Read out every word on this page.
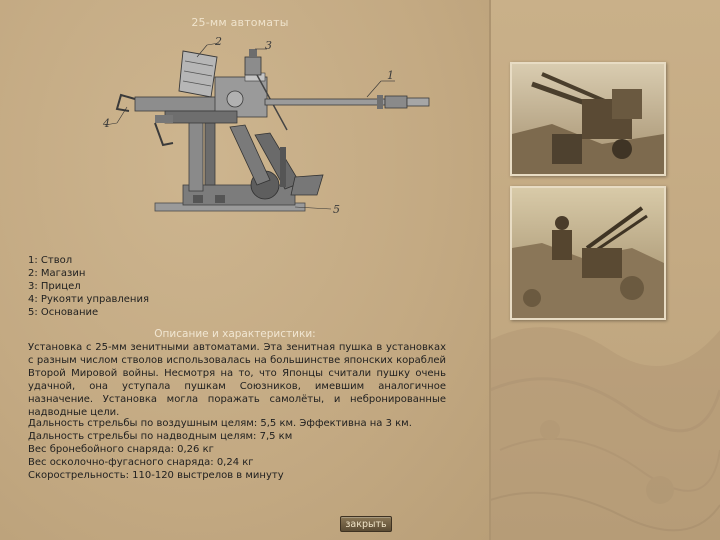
25-мм автоматы
1
2	3
4
5
1: Ствол
2: Магазин
3: Прицел
4: Рукояти управления
5: Основание
Описание и характеристики:

Установка с 25-мм зенитными автоматами. Эта зенитная пушка в установках с разным числом стволов использовалась на большинстве японских кораблей Второй Мировой войны. Несмотря на то, что Японцы считали пушку очень удачной, она уступала пушкам Союзников, имевшим аналогичное назначение. Установка могла поражать самолёты, и небронированные надводные цели.

Дальность стрельбы по воздушным целям: 5,5 км. Эффективна на 3 км.
Дальность стрельбы по надводным целям: 7,5 км
Вес бронебойного снаряда: 0,26 кг
Вес осколочно-фугасного снаряда: 0,24 кг
Скорострельность: 110-120 выстрелов в минуту
закрыть
